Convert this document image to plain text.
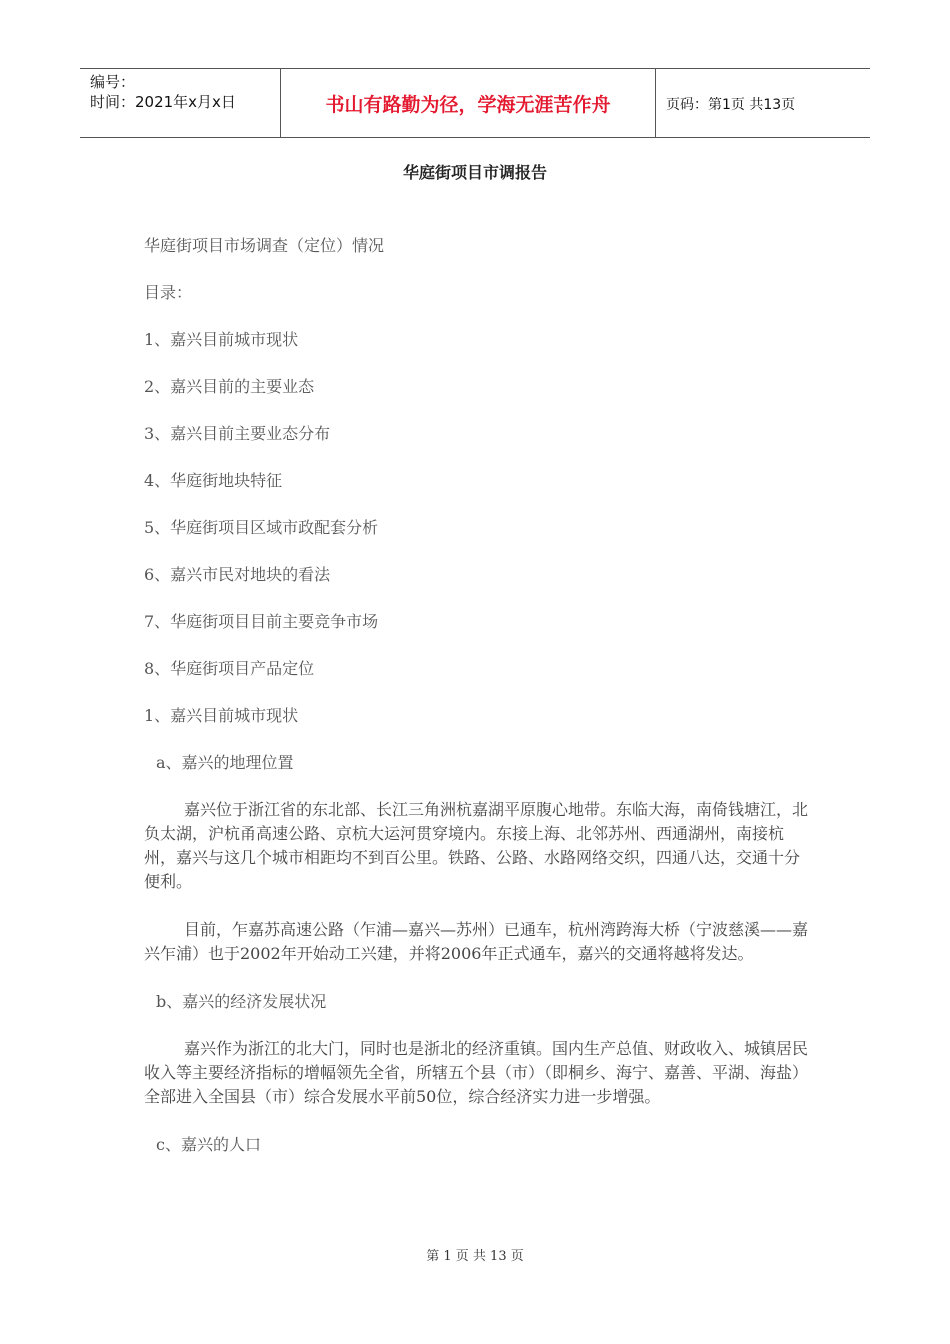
编号：
时间：2021年x月x日	书山有路勤为径，学海无涯苦作舟	页码：第1页 共13页
华庭街项目市调报告
华庭街项目市场调查（定位）情况
目录：
1、嘉兴目前城市现状
2、嘉兴目前的主要业态
3、嘉兴目前主要业态分布
4、华庭街地块特征
5、华庭街项目区域市政配套分析
6、嘉兴市民对地块的看法
7、华庭街项目目前主要竞争市场
8、华庭街项目产品定位
1、嘉兴目前城市现状
a、嘉兴的地理位置

嘉兴位于浙江省的东北部、长江三角洲杭嘉湖平原腹心地带。东临大海，南倚钱塘江，北负太湖，沪杭甬高速公路、京杭大运河贯穿境内。东接上海、北邻苏州、西通湖州，南接杭州，嘉兴与这几个城市相距均不到百公里。铁路、公路、水路网络交织，四通八达，交通十分便利。

目前，乍嘉苏高速公路（乍浦—嘉兴—苏州）已通车，杭州湾跨海大桥（宁波慈溪——嘉兴乍浦）也于2002年开始动工兴建，并将2006年正式通车，嘉兴的交通将越将发达。

b、嘉兴的经济发展状况

嘉兴作为浙江的北大门，同时也是浙北的经济重镇。国内生产总值、财政收入、城镇居民收入等主要经济指标的增幅领先全省，所辖五个县（市）（即桐乡、海宁、嘉善、平湖、海盐）全部进入全国县（市）综合发展水平前50位，综合经济实力进一步增强。

c、嘉兴的人口
第 1 页 共 13 页
